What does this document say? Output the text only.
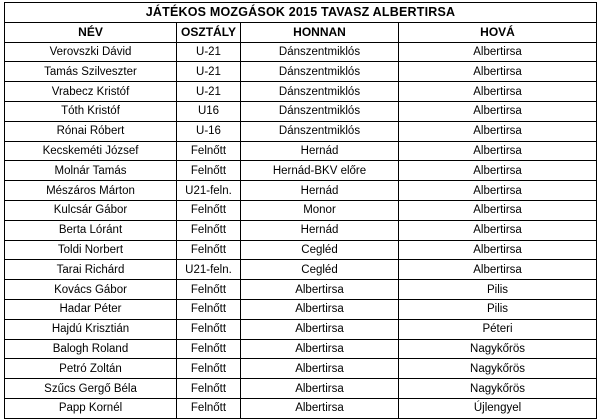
JÁTÉKOS MOZGÁSOK 2015 TAVASZ ALBERTIRSA			
NÉV	OSZTÁLY	HONNAN	HOVÁ
Verovszki Dávid	U-21	Dánszentmiklós	Albertirsa
Tamás Szilveszter	U-21	Dánszentmiklós	Albertirsa
Vrabecz Kristóf	U-21	Dánszentmiklós	Albertirsa
Tóth Kristóf	U16	Dánszentmiklós	Albertirsa
Rónai Róbert	U-16	Dánszentmiklós	Albertirsa
Kecskeméti József	Felnőtt	Hernád	Albertirsa
Molnár Tamás	Felnőtt	Hernád-BKV előre	Albertirsa
Mészáros Márton	U21-feln.	Hernád	Albertirsa
Kulcsár Gábor	Felnőtt	Monor	Albertirsa
Berta Lóránt	Felnőtt	Hernád	Albertirsa
Toldi Norbert	Felnőtt	Cegléd	Albertirsa
Tarai Richárd	U21-feln.	Cegléd	Albertirsa
Kovács Gábor	Felnőtt	Albertirsa	Pilis
Hadar Péter	Felnőtt	Albertirsa	Pilis
Hajdú Krisztián	Felnőtt	Albertirsa	Péteri
Balogh Roland	Felnőtt	Albertirsa	Nagykőrös
Petró Zoltán	Felnőtt	Albertirsa	Nagykőrös
Szűcs Gergő Béla	Felnőtt	Albertirsa	Nagykőrös
Papp Kornél	Felnőtt	Albertirsa	Újlengyel
